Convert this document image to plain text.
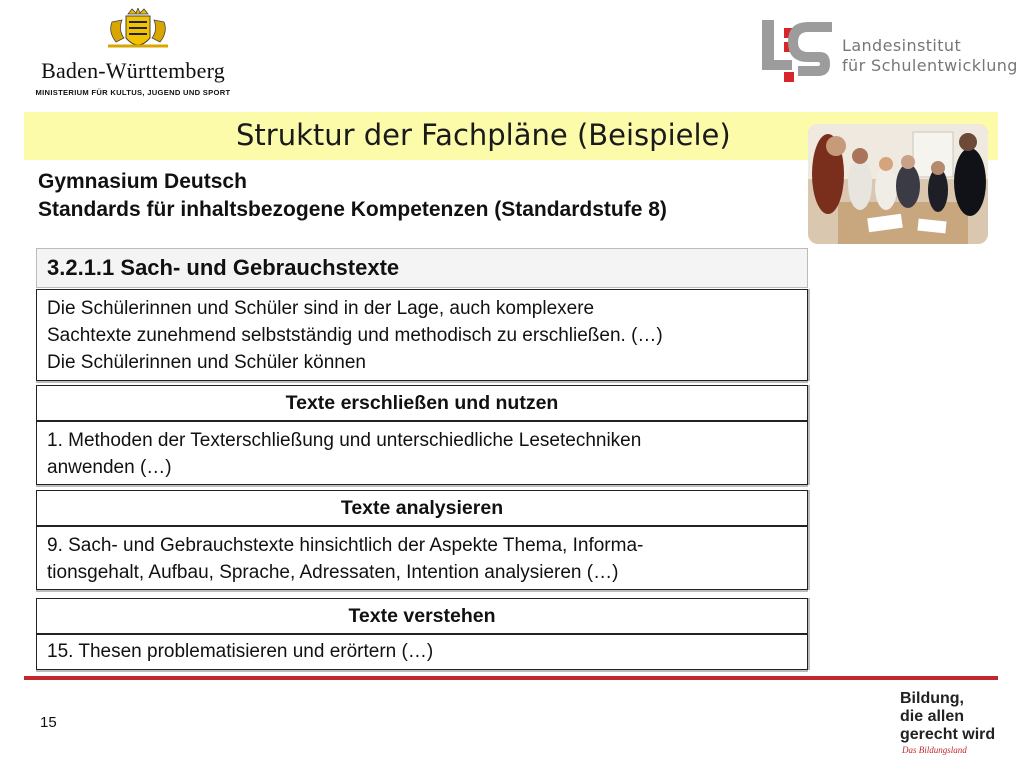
Baden-Württemberg
MINISTERIUM FÜR KULTUS, JUGEND UND SPORT
Landesinstitut
für Schulentwicklung
Struktur der Fachpläne (Beispiele)
Gymnasium Deutsch
Standards für inhaltsbezogene Kompetenzen (Standardstufe 8)
3.2.1.1 Sach- und Gebrauchstexte
Die Schülerinnen und Schüler sind in der Lage, auch komplexere
Sachtexte zunehmend selbstständig und methodisch zu erschließen. (…)
Die Schülerinnen und Schüler können
Texte erschließen und nutzen
1. Methoden der Texterschließung und unterschiedliche Lesetechniken
anwenden (…)
Texte analysieren
9. Sach- und Gebrauchstexte hinsichtlich der Aspekte Thema, Informa-
tionsgehalt, Aufbau, Sprache, Adressaten, Intention analysieren (…)
Texte verstehen
15. Thesen problematisieren und erörtern (…)
15
Bildung,
die allen
gerecht wird
Das Bildungsland
